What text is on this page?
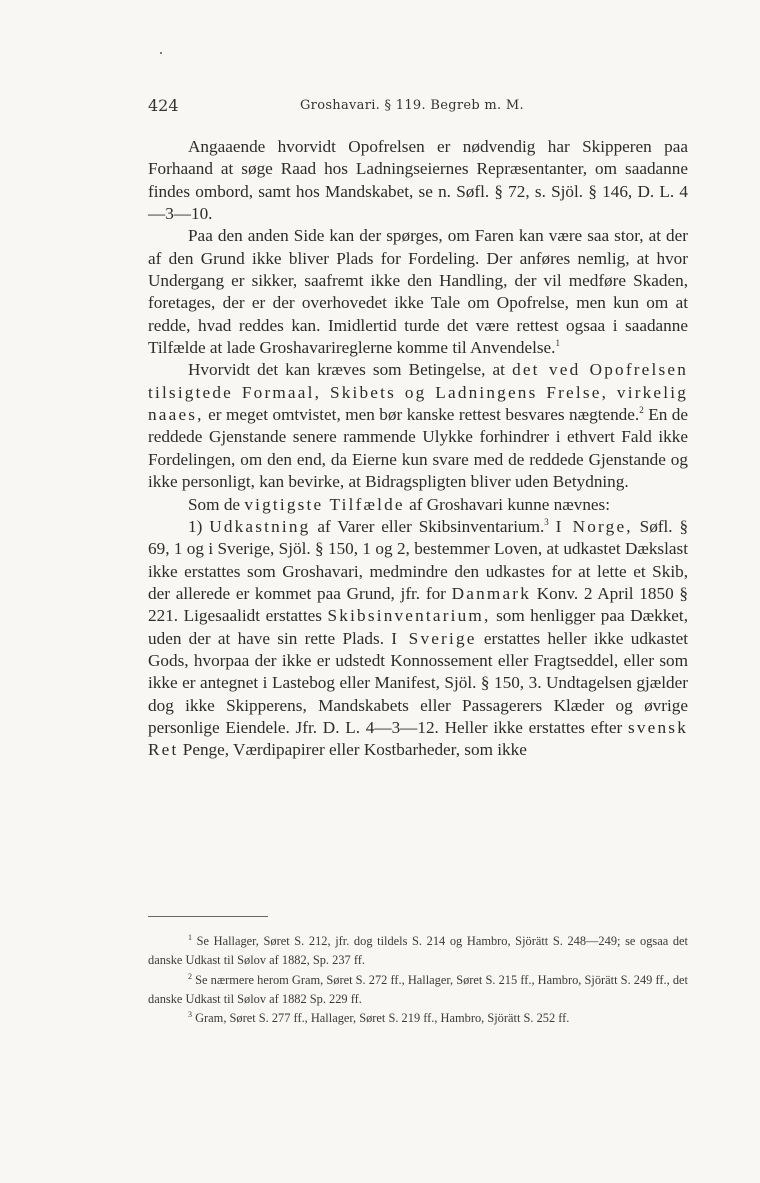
424	Groshavari. § 119. Begreb m. M.

Angaaende hvorvidt Opofrelsen er nødvendig har Skipperen paa Forhaand at søge Raad hos Ladningseiernes Repræsentanter, om saadanne findes ombord, samt hos Mandskabet, se n. Søfl. § 72, s. Sjöl. § 146, D. L. 4—3—10.

Paa den anden Side kan der spørges, om Faren kan være saa stor, at der af den Grund ikke bliver Plads for Fordeling. Der anføres nemlig, at hvor Undergang er sikker, saafremt ikke den Handling, der vil medføre Skaden, foretages, der er der overhovedet ikke Tale om Opofrelse, men kun om at redde, hvad reddes kan. Imidlertid turde det være rettest ogsaa i saadanne Tilfælde at lade Groshavarireglerne komme til Anvendelse.$^1$

Hvorvidt det kan kræves som Betingelse, at det ved Opofrelsen tilsigtede Formaal, Skibets og Ladningens Frelse, virkelig naaes, er meget omtvistet, men bør kanske rettest besvares nægtende.$^2$ En de reddede Gjenstande senere rammende Ulykke forhindrer i ethvert Fald ikke Fordelingen, om den end, da Eierne kun svare med de reddede Gjenstande og ikke personligt, kan bevirke, at Bidragspligten bliver uden Betydning.

Som de vigtigste Tilfælde af Groshavari kunne nævnes:

1) Udkastning af Varer eller Skibsinventarium.$^3$ I Norge, Søfl. § 69, 1 og i Sverige, Sjöl. § 150, 1 og 2, bestemmer Loven, at udkastet Dækslast ikke erstattes som Groshavari, medmindre den udkastes for at lette et Skib, der allerede er kommet paa Grund, jfr. for Danmark Konv. 2 April 1850 § 221. Ligesaalidt erstattes Skibsinventarium, som henligger paa Dækket, uden der at have sin rette Plads. I Sverige erstattes heller ikke udkastet Gods, hvorpaa der ikke er udstedt Konnossement eller Fragtseddel, eller som ikke er antegnet i Lastebog eller Manifest, Sjöl. § 150, 3. Undtagelsen gjælder dog ikke Skipperens, Mandskabets eller Passagerers Klæder og øvrige personlige Eiendele. Jfr. D. L. 4—3—12. Heller ikke erstattes efter svensk Ret Penge, Værdipapirer eller Kostbarheder, som ikke

$^1$ Se Hallager, Søret S. 212, jfr. dog tildels S. 214 og Hambro, Sjörätt S. 248—249; se ogsaa det danske Udkast til Sølov af 1882, Sp. 237 ff.

$^2$ Se nærmere herom Gram, Søret S. 272 ff., Hallager, Søret S. 215 ff., Hambro, Sjörätt S. 249 ff., det danske Udkast til Sølov af 1882 Sp. 229 ff.

$^3$ Gram, Søret S. 277 ff., Hallager, Søret S. 219 ff., Hambro, Sjörätt S. 252 ff.
